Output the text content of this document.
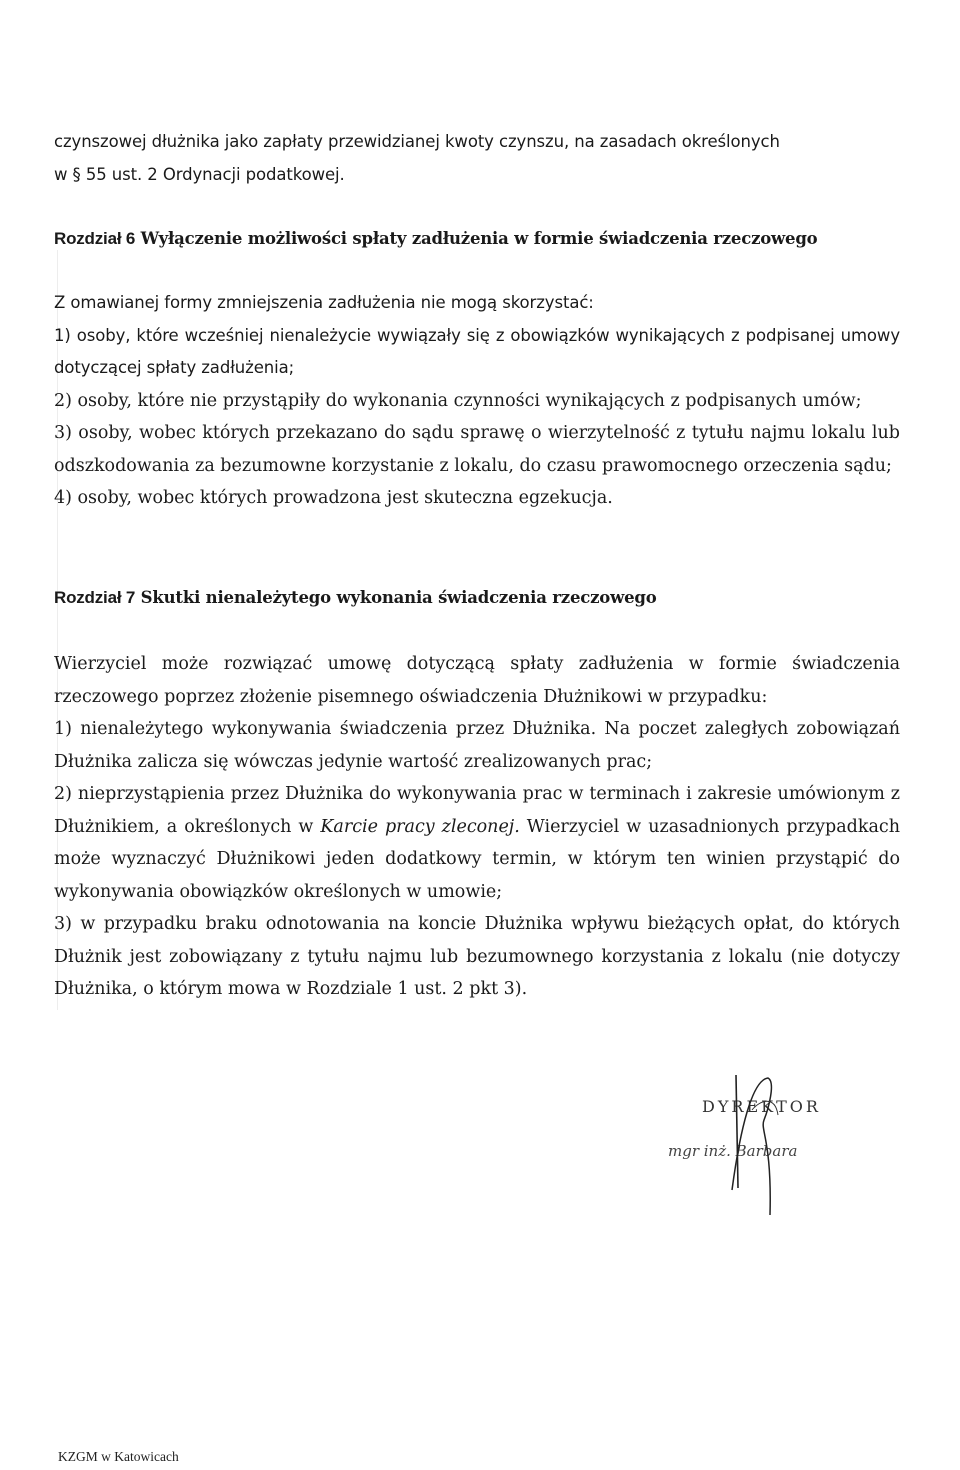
czynszowej dłużnika jako zapłaty przewidzianej kwoty czynszu, na zasadach określonych
w § 55 ust. 2 Ordynacji podatkowej.

Rozdział 6 Wyłączenie możliwości spłaty zadłużenia w formie świadczenia rzeczowego

Z omawianej formy zmniejszenia zadłużenia nie mogą skorzystać:

1) osoby, które wcześniej nienależycie wywiązały się z obowiązków wynikających z podpisanej umowy dotyczącej spłaty zadłużenia;

2) osoby, które nie przystąpiły do wykonania czynności wynikających z podpisanych umów;

3) osoby, wobec których przekazano do sądu sprawę o wierzytelność z tytułu najmu lokalu lub odszkodowania za bezumowne korzystanie z lokalu, do czasu prawomocnego orzeczenia sądu;

4) osoby, wobec których prowadzona jest skuteczna egzekucja.

Rozdział 7 Skutki nienależytego wykonania świadczenia rzeczowego

Wierzyciel może rozwiązać umowę dotyczącą spłaty zadłużenia w formie świadczenia rzeczowego poprzez złożenie pisemnego oświadczenia Dłużnikowi w przypadku:

1) nienależytego wykonywania świadczenia przez Dłużnika. Na poczet zaległych zobowiązań Dłużnika zalicza się wówczas jedynie wartość zrealizowanych prac;

2) nieprzystąpienia przez Dłużnika do wykonywania prac w terminach i zakresie umówionym z Dłużnikiem, a określonych w Karcie pracy zleconej. Wierzyciel w uzasadnionych przypadkach może wyznaczyć Dłużnikowi jeden dodatkowy termin, w którym ten winien przystąpić do wykonywania obowiązków określonych w umowie;

3) w przypadku braku odnotowania na koncie Dłużnika wpływu bieżących opłat, do których Dłużnik jest zobowiązany z tytułu najmu lub bezumownego korzystania z lokalu (nie dotyczy Dłużnika, o którym mowa w Rozdziale 1 ust. 2 pkt 3).

DYREKTOR
mgr inż. Barbara
KZGM w Katowicach
